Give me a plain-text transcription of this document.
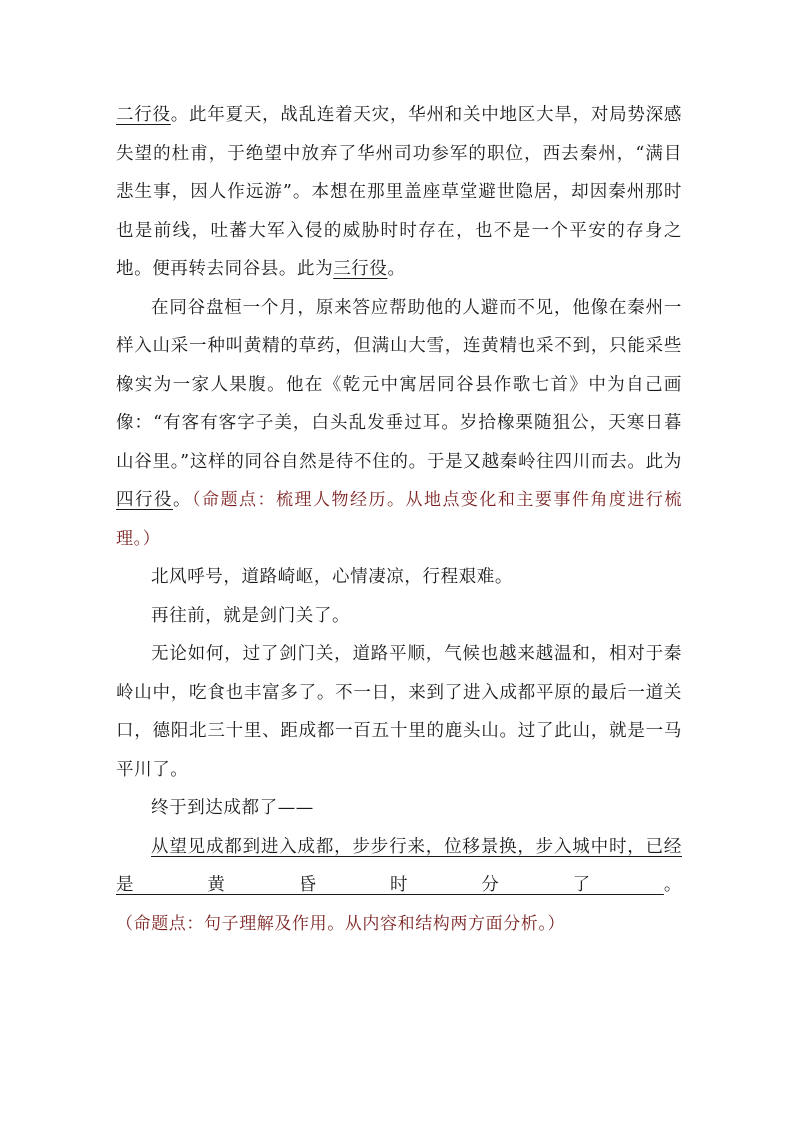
二行役。此年夏天，战乱连着天灾，华州和关中地区大旱，对局势深感失望的杜甫，于绝望中放弃了华州司功参军的职位，西去秦州，“满目悲生事，因人作远游”。本想在那里盖座草堂避世隐居，却因秦州那时也是前线，吐蕃大军入侵的威胁时时存在，也不是一个平安的存身之地。便再转去同谷县。此为三行役。

在同谷盘桓一个月，原来答应帮助他的人避而不见，他像在秦州一样入山采一种叫黄精的草药，但满山大雪，连黄精也采不到，只能采些橡实为一家人果腹。他在《乾元中寓居同谷县作歌七首》中为自己画像：“有客有客字子美，白头乱发垂过耳。岁拾橡栗随狙公，天寒日暮山谷里。”这样的同谷自然是待不住的。于是又越秦岭往四川而去。此为四行役。（命题点：梳理人物经历。从地点变化和主要事件角度进行梳理。）

北风呼号，道路崎岖，心情凄凉，行程艰难。

再往前，就是剑门关了。

无论如何，过了剑门关，道路平顺，气候也越来越温和，相对于秦岭山中，吃食也丰富多了。不一日，来到了进入成都平原的最后一道关口，德阳北三十里、距成都一百五十里的鹿头山。过了此山，就是一马平川了。

终于到达成都了——

从望见成都到进入成都，步步行来，位移景换，步入城中时，已经是黄昏时分了。（命题点：句子理解及作用。从内容和结构两方面分析。）
